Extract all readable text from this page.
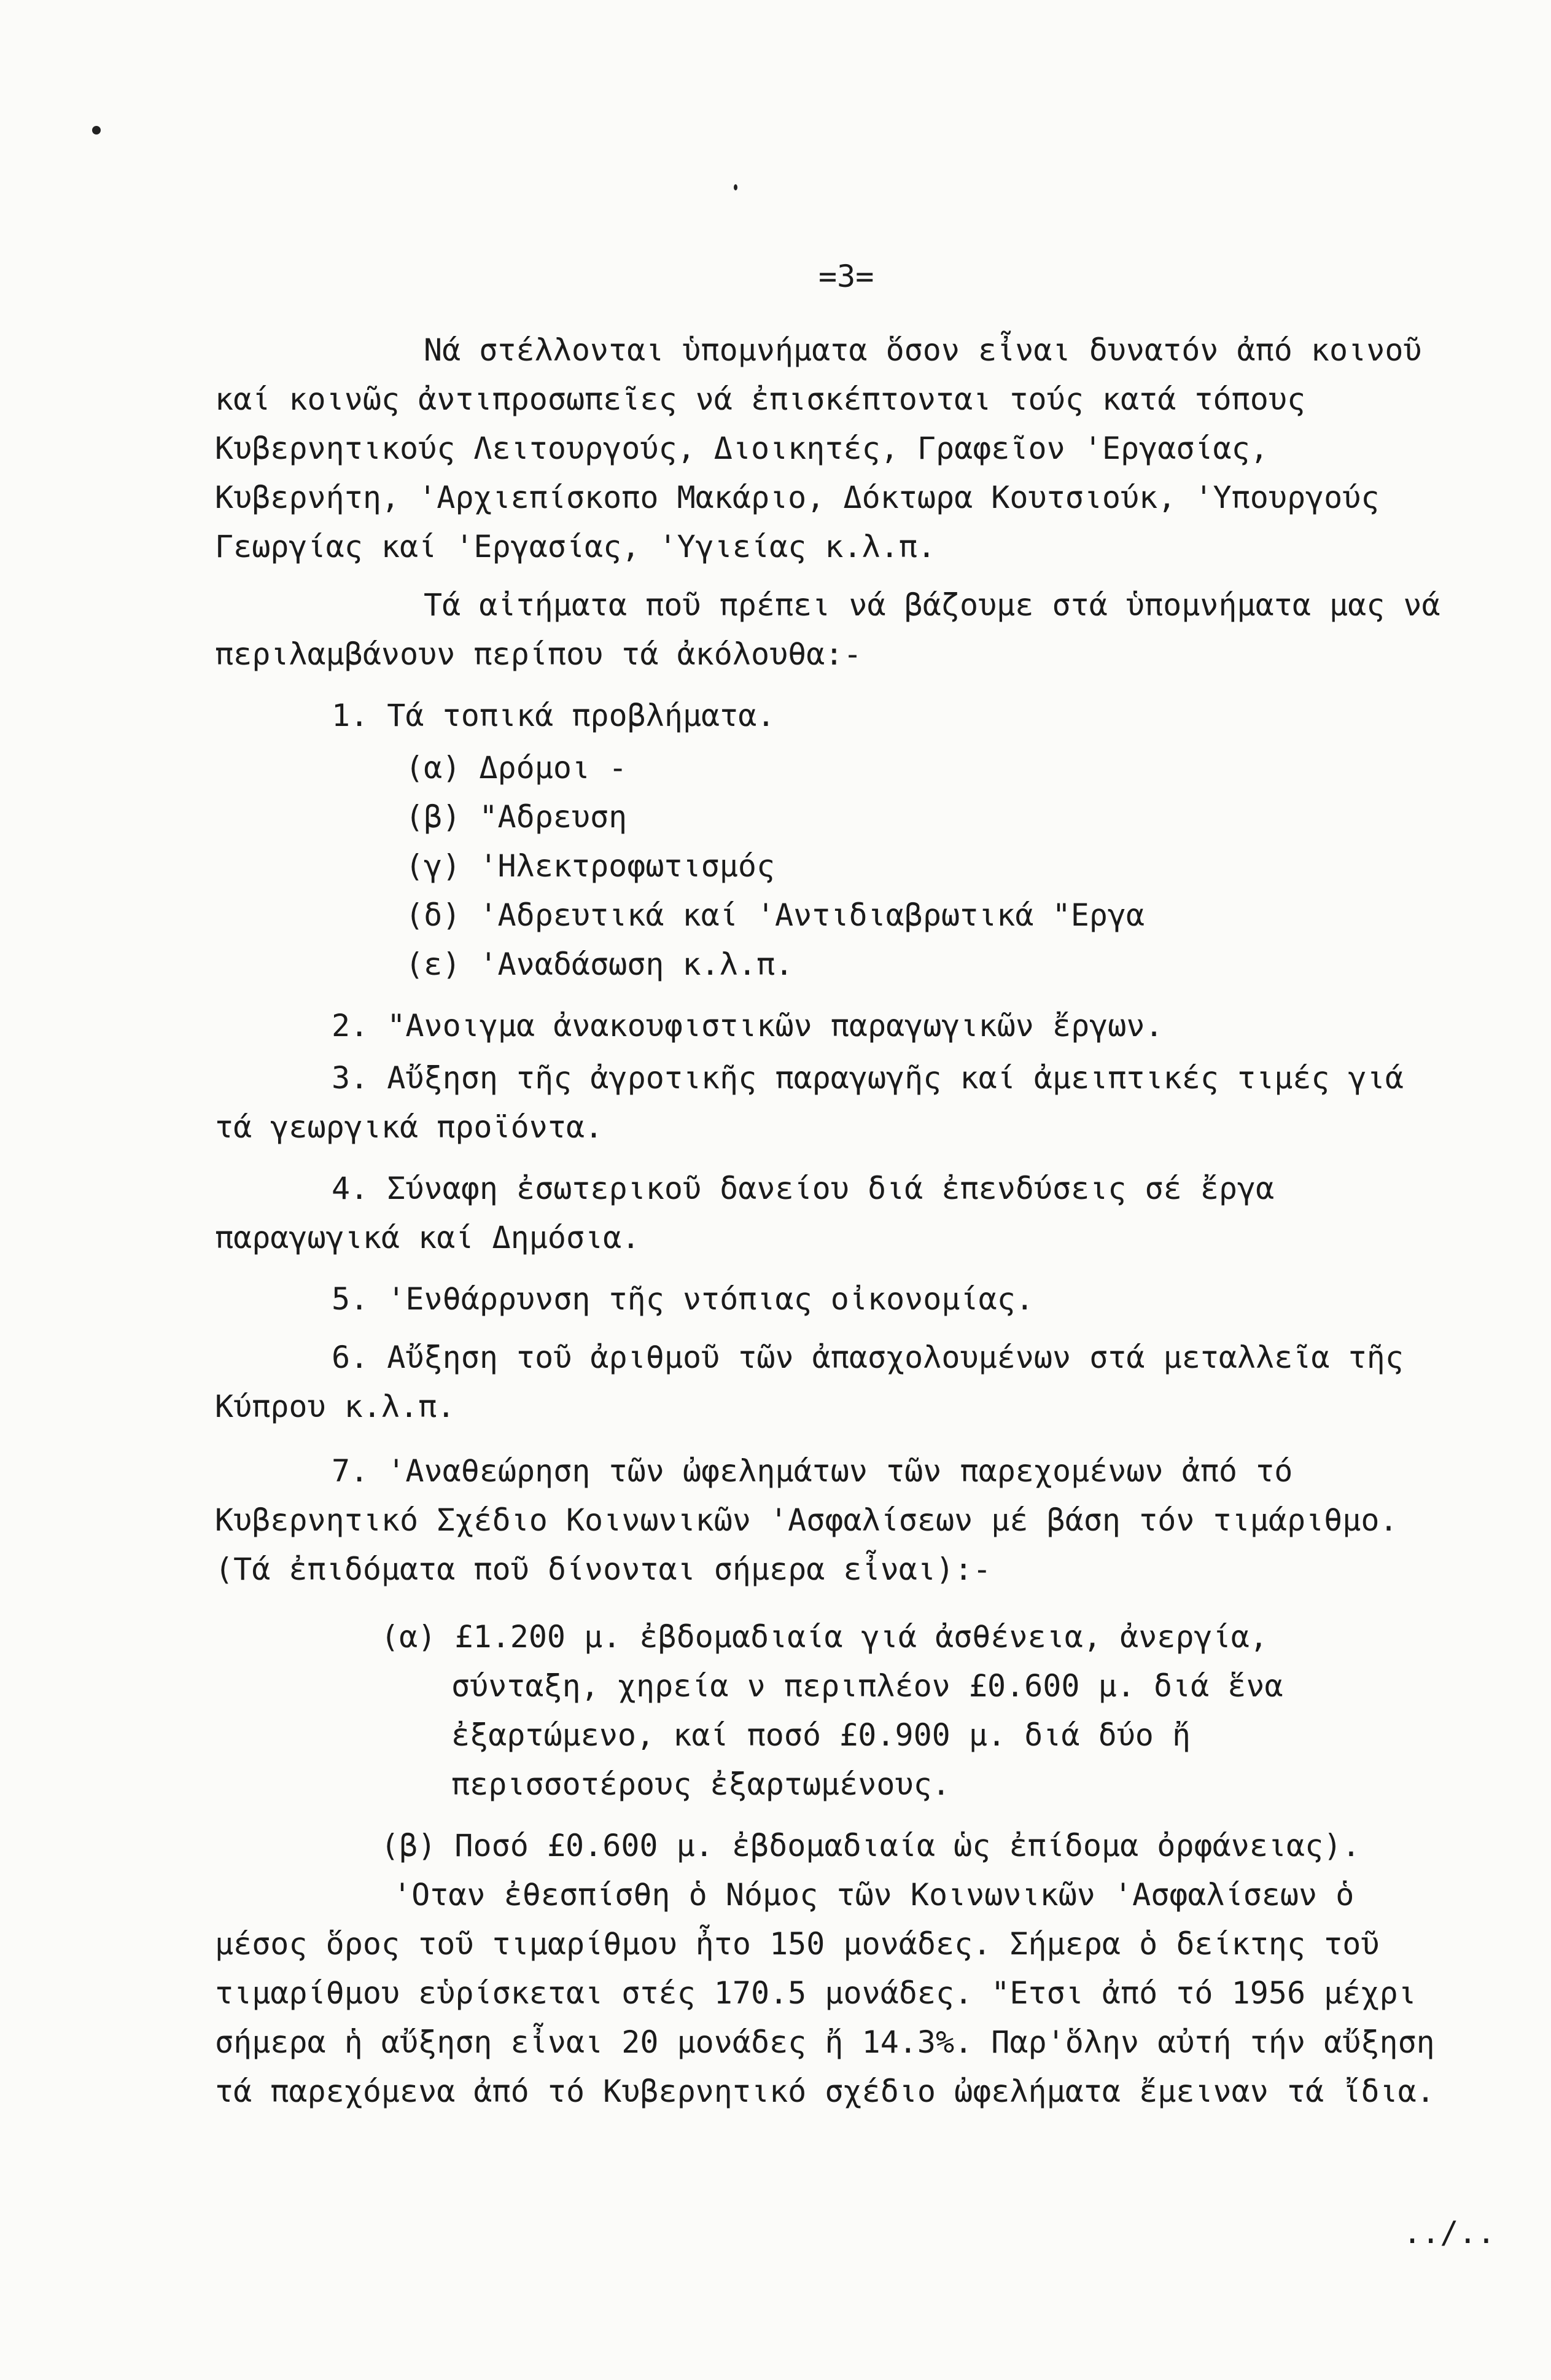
=3=

Νά στέλλονται ὑπομνήματα ὅσον εἶναι δυνατόν ἀπό κοινοῦ καί κοινῶς ἀντιπροσωπεῖες νά ἐπισκέπτονται τούς κατά τόπους Κυβερνητικούς Λειτουργούς, Διοικητές, Γραφεῖον 'Εργασίας, Κυβερνήτη, 'Αρχιεπίσκοπο Μακάριο, Δόκτωρα Κουτσιούκ, 'Υπουργούς Γεωργίας καί 'Εργασίας, 'Υγιείας κ.λ.π.

Τά αἰτήματα ποῦ πρέπει νά βάζουμε στά ὑπομνήματα μας νά περιλαμβάνουν περίπου τά ἀκόλουθα:-

1. Τά τοπικά προβλήματα.
(α) Δρόμοι -
(β) "Αδρευση
(γ) 'Ηλεκτροφωτισμός
(δ) 'Αδρευτικά καί 'Αντιδιαβρωτικά "Εργα
(ε) 'Αναδάσωση κ.λ.π.
2. "Ανοιγμα ἀνακουφιστικῶν παραγωγικῶν ἔργων.

3. Αὔξηση τῆς ἀγροτικῆς παραγωγῆς καί ἀμειπτικές τιμές γιά τά γεωργικά προϊόντα.

4. Σύναφη ἐσωτερικοῦ δανείου διά ἐπενδύσεις σέ ἔργα παραγωγικά καί Δημόσια.

5. 'Ενθάρρυνση τῆς ντόπιας οἰκονομίας.

6. Αὔξηση τοῦ ἀριθμοῦ τῶν ἀπασχολουμένων στά μεταλλεῖα τῆς Κύπρου κ.λ.π.

7. 'Αναθεώρηση τῶν ὠφελημάτων τῶν παρεχομένων ἀπό τό Κυβερνητικό Σχέδιο Κοινωνικῶν 'Ασφαλίσεων μέ βάση τόν τιμάριθμο. (Τά ἐπιδόματα ποῦ δίνονται σήμερα εἶναι):-

(α) £1.200 μ. ἐβδομαδιαία γιά ἀσθένεια, ἀνεργία, σύνταξη, χηρεία ν περιπλέον £0.600 μ. διά ἕνα ἐξαρτώμενο, καί ποσό £0.900 μ. διά δύο ἤ περισσοτέρους ἐξαρτωμένους.

(β) Ποσό £0.600 μ. ἐβδομαδιαία ὡς ἐπίδομα ὀρφάνειας).

'Οταν ἐθεσπίσθη ὁ Νόμος τῶν Κοινωνικῶν 'Ασφαλίσεων ὁ μέσος ὅρος τοῦ τιμαρίθμου ἦτο 150 μονάδες. Σήμερα ὁ δείκτης τοῦ τιμαρίθμου εὑρίσκεται στές 170.5 μονάδες. "Ετσι ἀπό τό 1956 μέχρι σήμερα ἡ αὔξηση εἶναι 20 μονάδες ἤ 14.3%. Παρ'ὅλην αὐτή τήν αὔξηση τά παρεχόμενα ἀπό τό Κυβερνητικό σχέδιο ὠφελήματα ἔμειναν τά ἴδια.

../..
